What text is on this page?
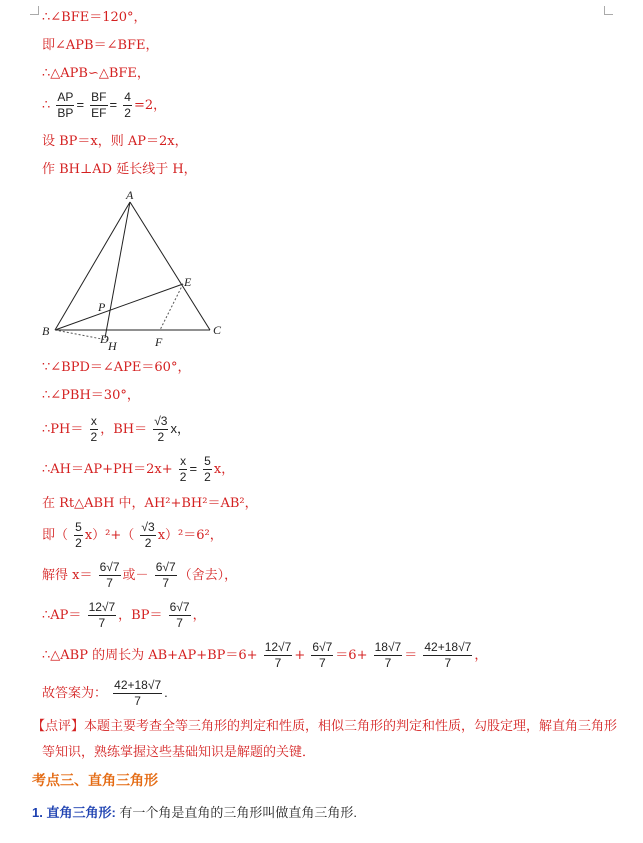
∴∠BFE＝120°，
即∠APB＝∠BFE，
∴△APB∽△BFE，
∴ $\frac{AP}{BP} = \frac{BF}{EF} = \frac{4}{2} =2$，
设 BP＝x，则 AP＝2x，
作 BH⊥AD 延长线于 H，
A
B	C
D
E
F
H
P
∵∠BPD＝∠APE＝60°，
∴∠PBH＝30°，
∴PH＝ $\frac{x}{2}$ ，$BH= \frac{√3}{2}$ x，
∴AH＝AP+PH＝2x+ $\frac{x}{2} = \frac{5}{2}$ x，
在 Rt△ABH 中，AH²+BH²＝AB²，
即（ $\frac{5}{2} x)^2+( \frac{√3}{2} x)^2=6^2$，
解得 $x= \frac{6√7}{7}$ 或－ $\frac{6√7}{7}$ （舍去），
∴AP＝ $\frac{12√7}{7}$ ，$BP= \frac{6√7}{7}$ ，
∴△ABP 的周长为 $AB+AP+BP=6+ \frac{12√7}{7} + \frac{6√7}{7} =6+ \frac{18√7}{7} = \frac{42+18√7}{7}$ ，
故答案为： $\frac{42+18√7}{7}$ .
【点评】本题主要考查全等三角形的判定和性质，相似三角形的判定和性质，勾股定理，解直角三角形
等知识，熟练掌握这些基础知识是解题的关键．
考点三、直角三角形
1. 直角三角形: 有一个角是直角的三角形叫做直角三角形.
